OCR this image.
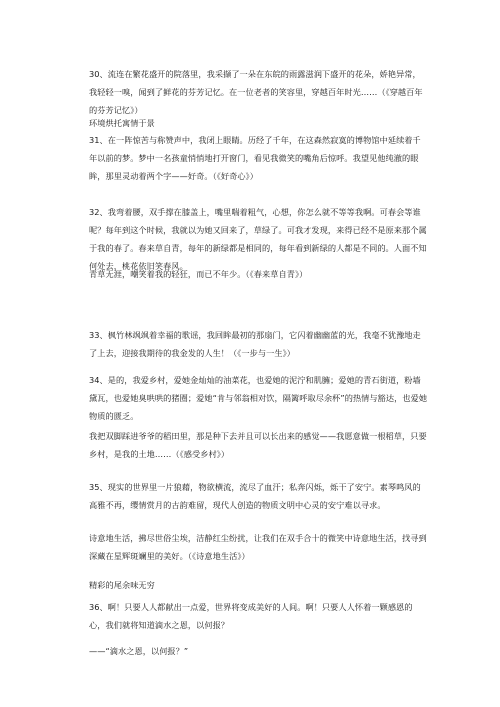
30、流连在繁花盛开的院落里，我采撷了一朵在东皖的雨露滋润下盛开的花朵，娇艳异常，我轻轻一嗅，闻到了鲜花的芬芳记忆。在一位老者的笑容里，穿越百年时光……（《穿越百年的芬芳记忆》）

环境烘托寓情于景

31、在一阵惊苦与称赞声中，我闭上眼睛。历经了千年，在这森然寂寞的博物馆中延续着千年以前的梦。梦中一名孩童悄悄地打开窗门，看见我微笑的嘴角后惊呼。我望见他纯澈的眼眸，那里灵动着两个字——好奇。（《好奇心》）

32、我弯着腰，双手撑在膝盖上，嘴里喘着粗气，心想，你怎么就不等等我啊。可春会等谁呢？每年到这个时候，我就以为她又回来了，草绿了。可我才发现，来得已经不是原来那个属于我的春了。春来草自青，每年的新绿都是相同的，每年看到新绿的人都是不同的。人面不知何处去，桃花依旧笑春风。

青草无涯，嘲笑着我的轻狂，而已不年少。（《春来草自青》）

33、枫竹林飒飒着幸福的歌谣，我回眸最初的那扇门，它闪着幽幽蓝的光，我毫不犹豫地走了上去，迎接我期待的我金发的人生！（《一步与一生》）

34、是的，我爱乡村，爱她金灿灿的油菜花，也爱她的泥泞和肌臃；爱她的青石街道，粉墙黛瓦，也爱她臭哄哄的猪圈；爱她“肯与邻翁相对饮，隔篱呼取尽余杯”的热情与豁达，也爱她物质的匮乏。

我把双脚踩进爷爷的稻田里，那是种下去并且可以长出来的感觉——我愿意做一根稻草，只要乡村，是我的土地……（《感受乡村》）

35、现实的世界里一片狼藉，物欲横流，流尽了血汗；私奔闪烁，烁干了安宁。素琴鸣风的高雅不再，缨情赏月的古韵难留，现代人创造的物质文明中心灵的安宁难以寻求。

诗意地生活，拂尽世俗尘埃，洁静红尘纷扰，让我们在双手合十的微笑中诗意地生活，找寻到深藏在星辉斑斓里的美好。（《诗意地生活》）

精彩的尾余味无穷

36、啊！只要人人都献出一点爱，世界将变成美好的人间。啊！只要人人怀着一颗感恩的心，我们就将知道滴水之恩，以何报？

——“滴水之恩，以何报？”
